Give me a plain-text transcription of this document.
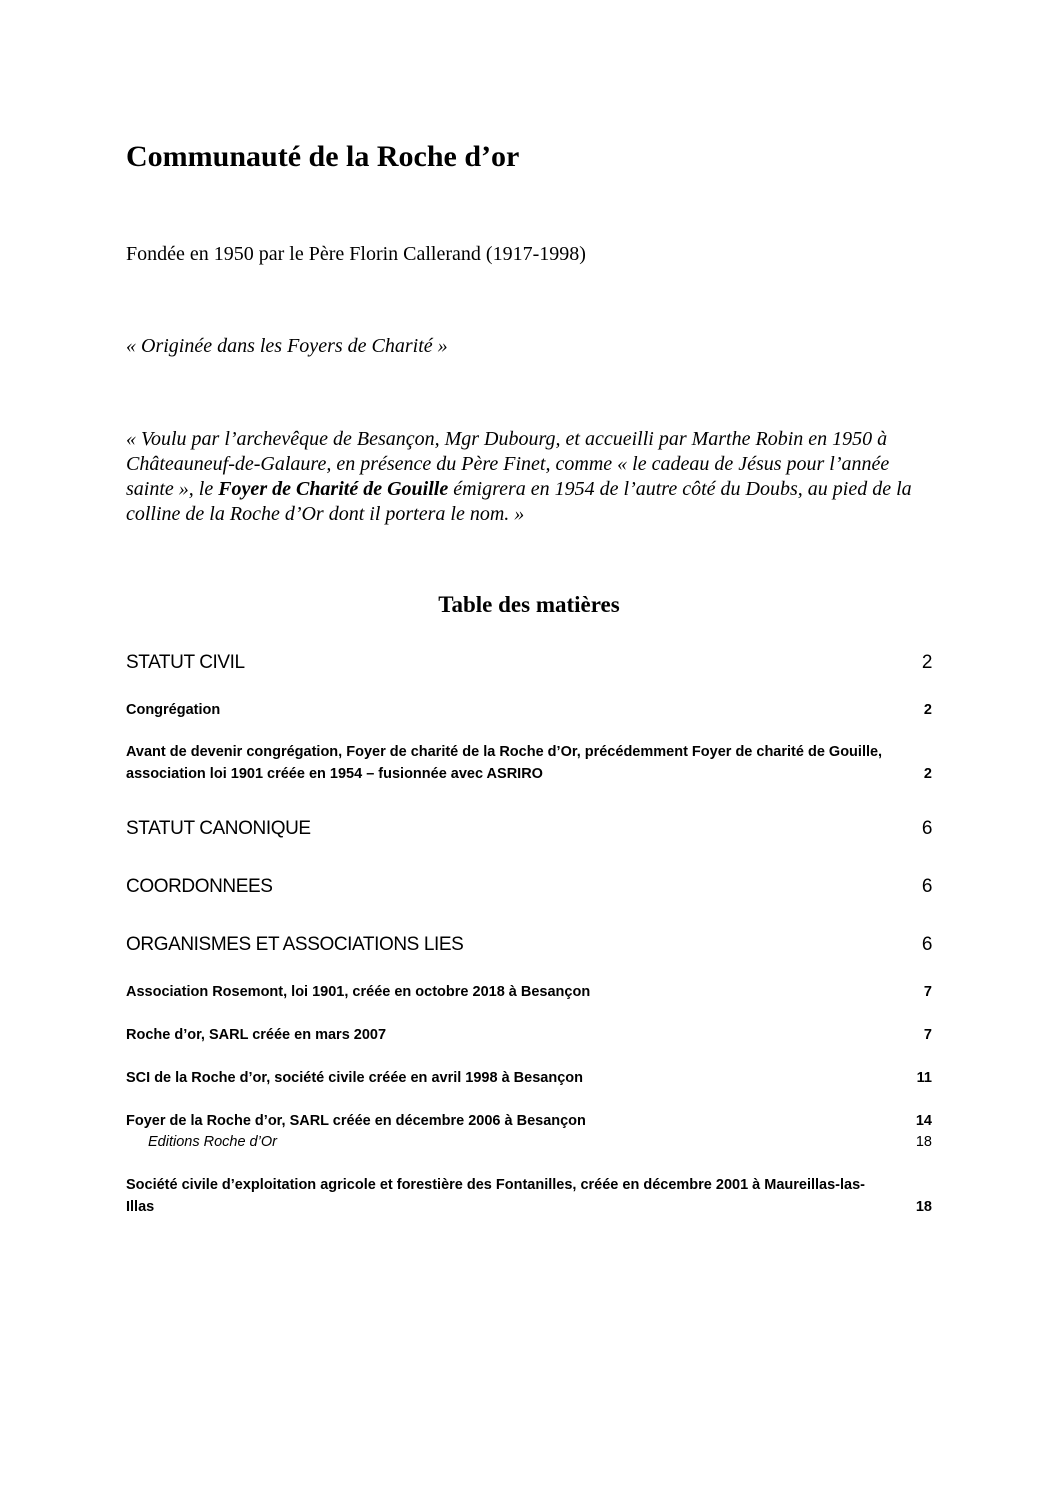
Communauté de la Roche d’or

Fondée en 1950 par le Père Florin Callerand (1917-1998)

« Originée dans les Foyers de Charité »

« Voulu par l’archevêque de Besançon, Mgr Dubourg, et accueilli par Marthe Robin en 1950 à Châteauneuf-de-Galaure, en présence du Père Finet, comme « le cadeau de Jésus pour l’année sainte », le Foyer de Charité de Gouille émigrera en 1954 de l’autre côté du Doubs, au pied de la colline de la Roche d’Or dont il portera le nom. »

Table des matières
STATUT CIVIL	2
Congrégation	2
Avant de devenir congrégation, Foyer de charité de la Roche d’Or, précédemment Foyer de charité de Gouille, association loi 1901 créée en 1954 – fusionnée avec ASRIRO	2
STATUT CANONIQUE	6
COORDONNEES	6
ORGANISMES ET ASSOCIATIONS LIES	6
Association Rosemont, loi 1901, créée en octobre 2018 à Besançon	7
Roche d’or, SARL créée en mars 2007	7
SCI de la Roche d’or, société civile créée en avril 1998 à Besançon	11
Foyer de la Roche d’or, SARL créée en décembre 2006 à Besançon	14
Editions Roche d’Or	18
Société civile d’exploitation agricole et forestière des Fontanilles, créée en décembre 2001 à Maureillas-las-Illas	18
